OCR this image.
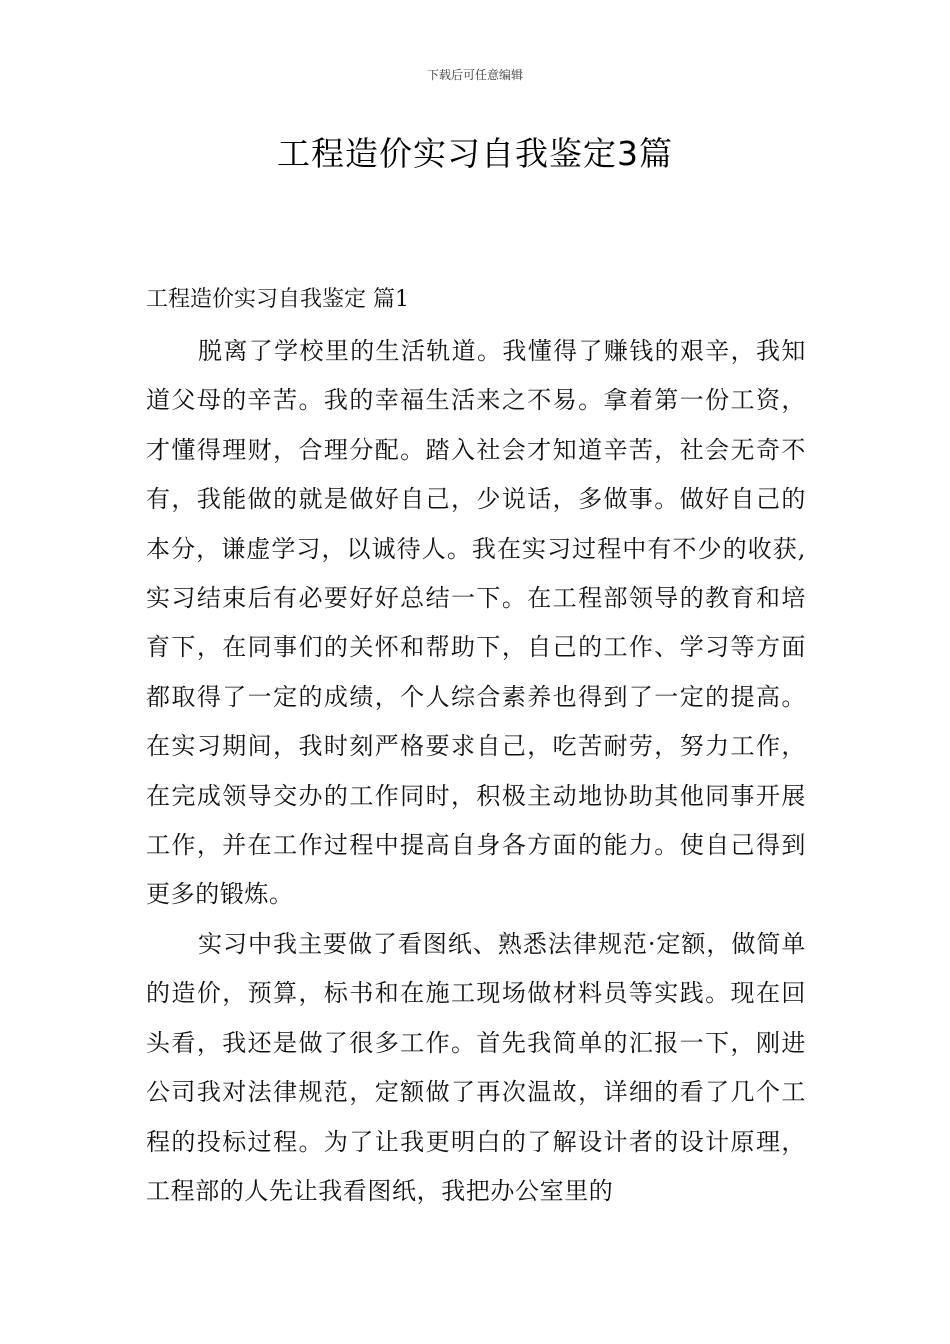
下载后可任意编辑
工程造价实习自我鉴定3篇
工程造价实习自我鉴定 篇1

脱离了学校里的生活轨道。我懂得了赚钱的艰辛，我知道父母的辛苦。我的幸福生活来之不易。拿着第一份工资，才懂得理财，合理分配。踏入社会才知道辛苦，社会无奇不有，我能做的就是做好自己，少说话，多做事。做好自己的本分，谦虚学习，以诚待人。我在实习过程中有不少的收获,实习结束后有必要好好总结一下。在工程部领导的教育和培育下，在同事们的关怀和帮助下，自己的工作、学习等方面都取得了一定的成绩，个人综合素养也得到了一定的提高。在实习期间，我时刻严格要求自己，吃苦耐劳，努力工作，在完成领导交办的工作同时，积极主动地协助其他同事开展工作，并在工作过程中提高自身各方面的能力。使自己得到更多的锻炼。

实习中我主要做了看图纸、熟悉法律规范·定额，做简单的造价，预算，标书和在施工现场做材料员等实践。现在回头看，我还是做了很多工作。首先我简单的汇报一下，刚进公司我对法律规范，定额做了再次温故，详细的看了几个工程的投标过程。为了让我更明白的了解设计者的设计原理，工程部的人先让我看图纸，我把办公室里的
